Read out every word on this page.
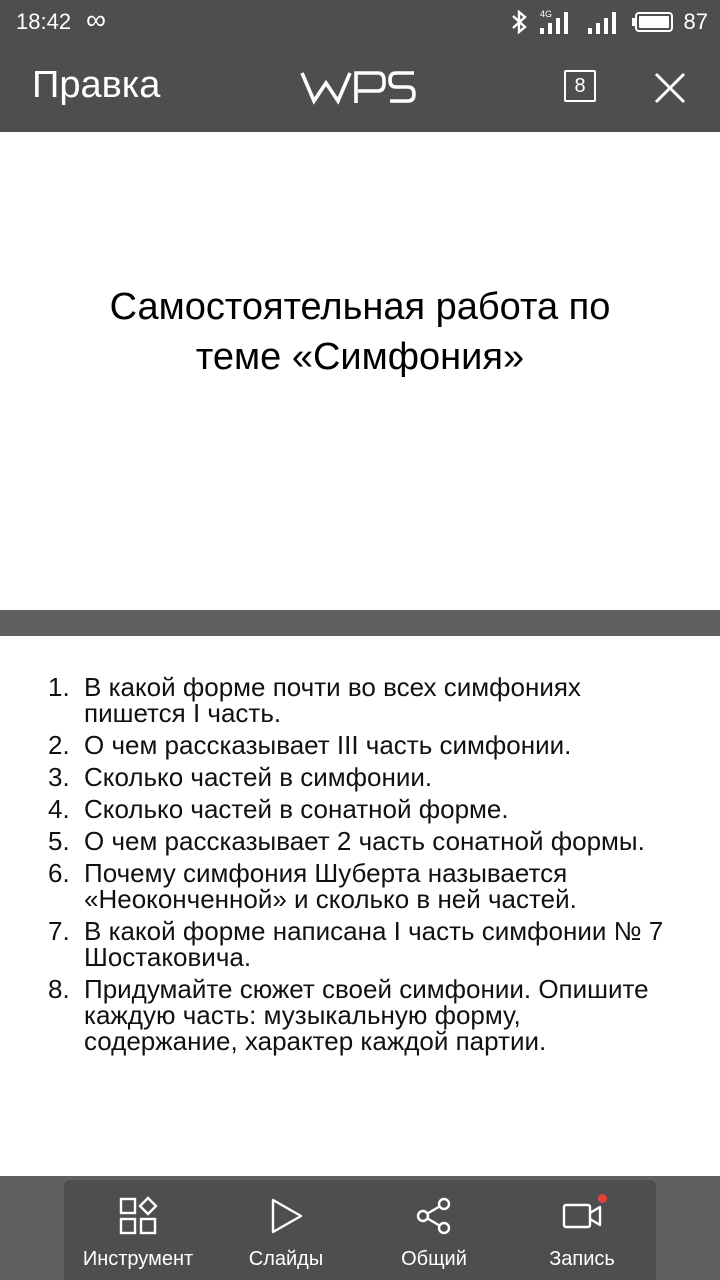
18:42 ∞	4G	87
Правка	8
Самостоятельная работа по
теме «Симфония»
1. В какой форме почти во всех симфониях пишется I часть.
2. О чем рассказывает III часть симфонии.
3. Сколько частей в симфонии.
4. Сколько частей в сонатной форме.
5. О чем рассказывает 2 часть сонатной формы.
6. Почему симфония Шуберта называется «Неоконченной» и сколько в ней частей.
7. В какой форме написана I часть симфонии № 7 Шостаковича.
8. Придумайте сюжет своей симфонии. Опишите каждую часть: музыкальную форму, содержание, характер каждой партии.
Инструмент	Слайды	Общий	Запись
